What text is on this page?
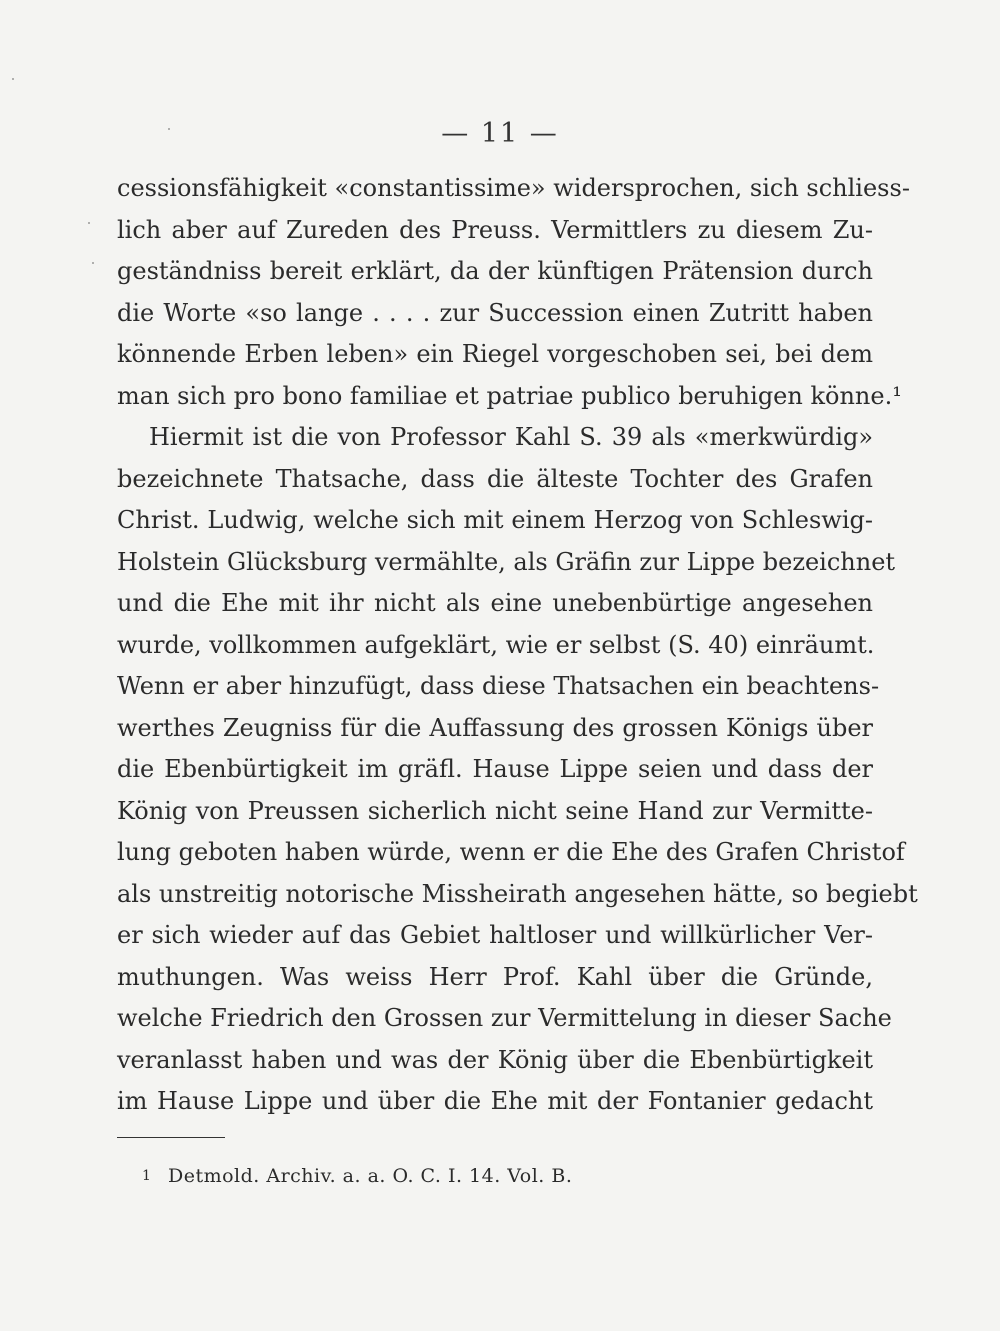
— 11 —
cessionsfähigkeit «constantissime» widersprochen, sich schliess-
lich aber auf Zureden des Preuss. Vermittlers zu diesem Zu-
geständniss bereit erklärt, da der künftigen Prätension durch
die Worte «so lange . . . . zur Succession einen Zutritt haben
könnende Erben leben» ein Riegel vorgeschoben sei, bei dem
man sich pro bono familiae et patriae publico beruhigen könne.¹
Hiermit ist die von Professor Kahl S. 39 als «merkwürdig»
bezeichnete Thatsache, dass die älteste Tochter des Grafen
Christ. Ludwig, welche sich mit einem Herzog von Schleswig-
Holstein Glücksburg vermählte, als Gräfin zur Lippe bezeichnet
und die Ehe mit ihr nicht als eine unebenbürtige angesehen
wurde, vollkommen aufgeklärt, wie er selbst (S. 40) einräumt.
Wenn er aber hinzufügt, dass diese Thatsachen ein beachtens-
werthes Zeugniss für die Auffassung des grossen Königs über
die Ebenbürtigkeit im gräfl. Hause Lippe seien und dass der
König von Preussen sicherlich nicht seine Hand zur Vermitte-
lung geboten haben würde, wenn er die Ehe des Grafen Christof
als unstreitig notorische Missheirath angesehen hätte, so begiebt
er sich wieder auf das Gebiet haltloser und willkürlicher Ver-
muthungen. Was weiss Herr Prof. Kahl über die Gründe,
welche Friedrich den Grossen zur Vermittelung in dieser Sache
veranlasst haben und was der König über die Ebenbürtigkeit
im Hause Lippe und über die Ehe mit der Fontanier gedacht
1 Detmold. Archiv. a. a. O. C. I. 14. Vol. B.
